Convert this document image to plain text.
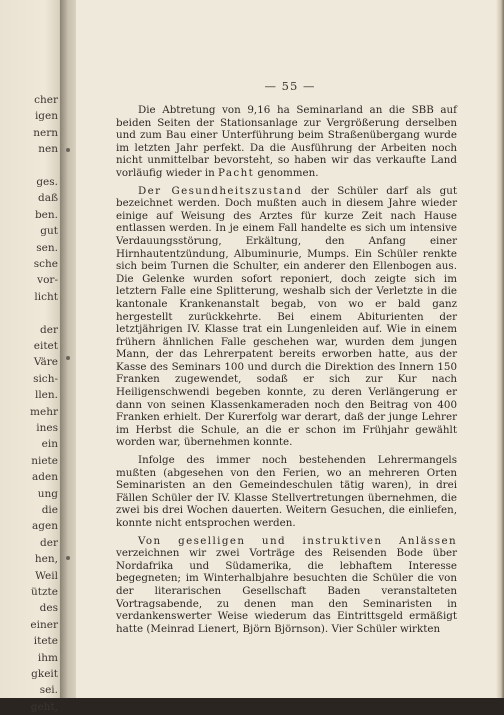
cher
igen
nern
nen
ges.
daß
ben.
gut
sen.
sche
vor-
licht
der
eitet
Väre
sich-
llen.
mehr
ines
ein
niete
aden
ung
die
agen
der
hen,
Weil
ützte
des
einer
itete
ihm
gkeit
sei.
geht,
— 55 —

Die Abtretung von 9,16 ha Seminarland an die SBB auf beiden Seiten der Stationsanlage zur Vergrößerung derselben und zum Bau einer Unterführung beim Straßenübergang wurde im letzten Jahr perfekt. Da die Ausführung der Arbeiten noch nicht unmittelbar bevorsteht, so haben wir das verkaufte Land vorläufig wieder in Pacht genommen.

Der Gesundheitszustand der Schüler darf als gut bezeichnet werden. Doch mußten auch in diesem Jahre wieder einige auf Weisung des Arztes für kurze Zeit nach Hause entlassen werden. In je einem Fall handelte es sich um intensive Verdauungsstörung, Erkältung, den Anfang einer Hirnhautentzündung, Albuminurie, Mumps. Ein Schüler renkte sich beim Turnen die Schulter, ein anderer den Ellenbogen aus. Die Gelenke wurden sofort reponiert, doch zeigte sich im letztern Falle eine Splitterung, weshalb sich der Verletzte in die kantonale Krankenanstalt begab, von wo er bald ganz hergestellt zurückkehrte. Bei einem Abiturienten der letztjährigen IV. Klasse trat ein Lungenleiden auf. Wie in einem frühern ähnlichen Falle geschehen war, wurden dem jungen Mann, der das Lehrerpatent bereits erworben hatte, aus der Kasse des Seminars 100 und durch die Direktion des Innern 150 Franken zugewendet, sodaß er sich zur Kur nach Heiligenschwendi begeben konnte, zu deren Verlängerung er dann von seinen Klassenkameraden noch den Beitrag von 400 Franken erhielt. Der Kurerfolg war derart, daß der junge Lehrer im Herbst die Schule, an die er schon im Frühjahr gewählt worden war, übernehmen konnte.

Infolge des immer noch bestehenden Lehrermangels mußten (abgesehen von den Ferien, wo an mehreren Orten Seminaristen an den Gemeindeschulen tätig waren), in drei Fällen Schüler der IV. Klasse Stellvertretungen übernehmen, die zwei bis drei Wochen dauerten. Weitern Gesuchen, die einliefen, konnte nicht entsprochen werden.

Von geselligen und instruktiven Anlässen verzeichnen wir zwei Vorträge des Reisenden Bode über Nordafrika und Südamerika, die lebhaftem Interesse begegneten; im Winterhalbjahre besuchten die Schüler die von der literarischen Gesellschaft Baden veranstalteten Vortragsabende, zu denen man den Seminaristen in verdankenswerter Weise wiederum das Eintrittsgeld ermäßigt hatte (Meinrad Lienert, Björn Björnson). Vier Schüler wirkten
